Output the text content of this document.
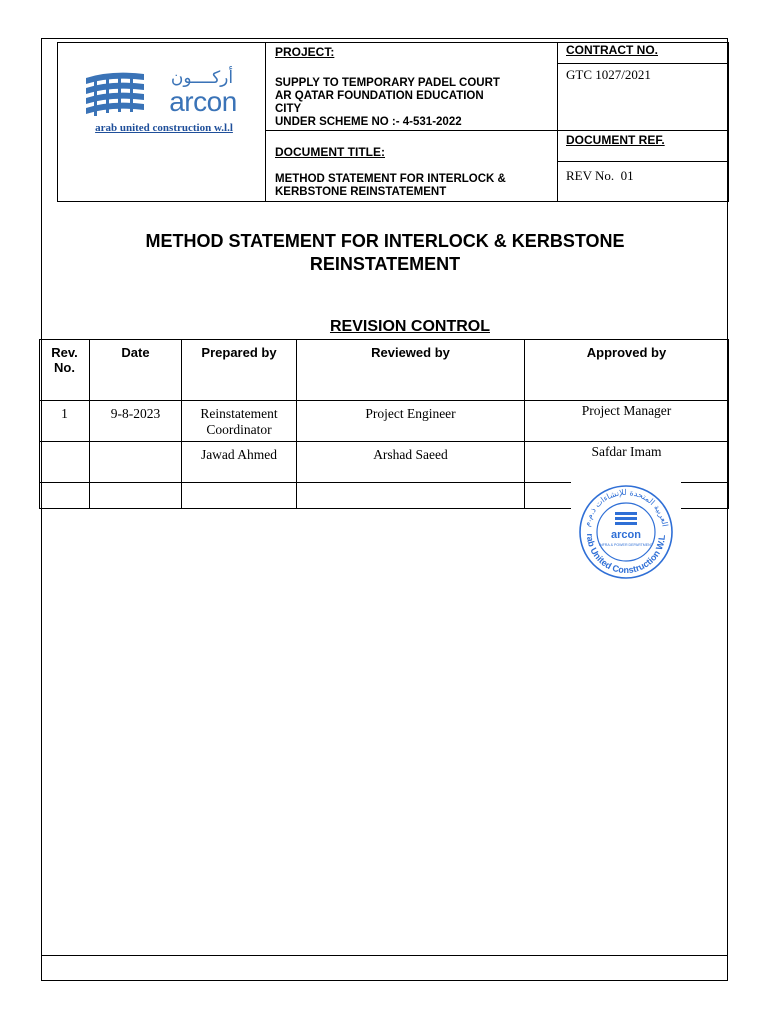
أركــــون
arcon
arab united construction w.l.l
PROJECT:
SUPPLY TO TEMPORARY PADEL COURT
AR QATAR FOUNDATION EDUCATION
CITY
UNDER SCHEME NO :- 4-531-2022
CONTRACT NO.
GTC 1027/2021
DOCUMENT TITLE:
METHOD STATEMENT FOR INTERLOCK &
KERBSTONE REINSTATEMENT
DOCUMENT REF.
REV No.  01
METHOD STATEMENT FOR INTERLOCK & KERBSTONE
REINSTATEMENT
REVISION CONTROL
Rev. No.	Date	Prepared by	Reviewed by	Approved by
1	9-8-2023	Reinstatement Coordinator	Project Engineer	Project Manager
		Jawad Ahmed	Arshad Saeed	Safdar Imam

العربية المتحدة للإنشاءات ذ.م.م
rab United Construction W.L
arcon
INFRA & POWER DEPARTMENT
